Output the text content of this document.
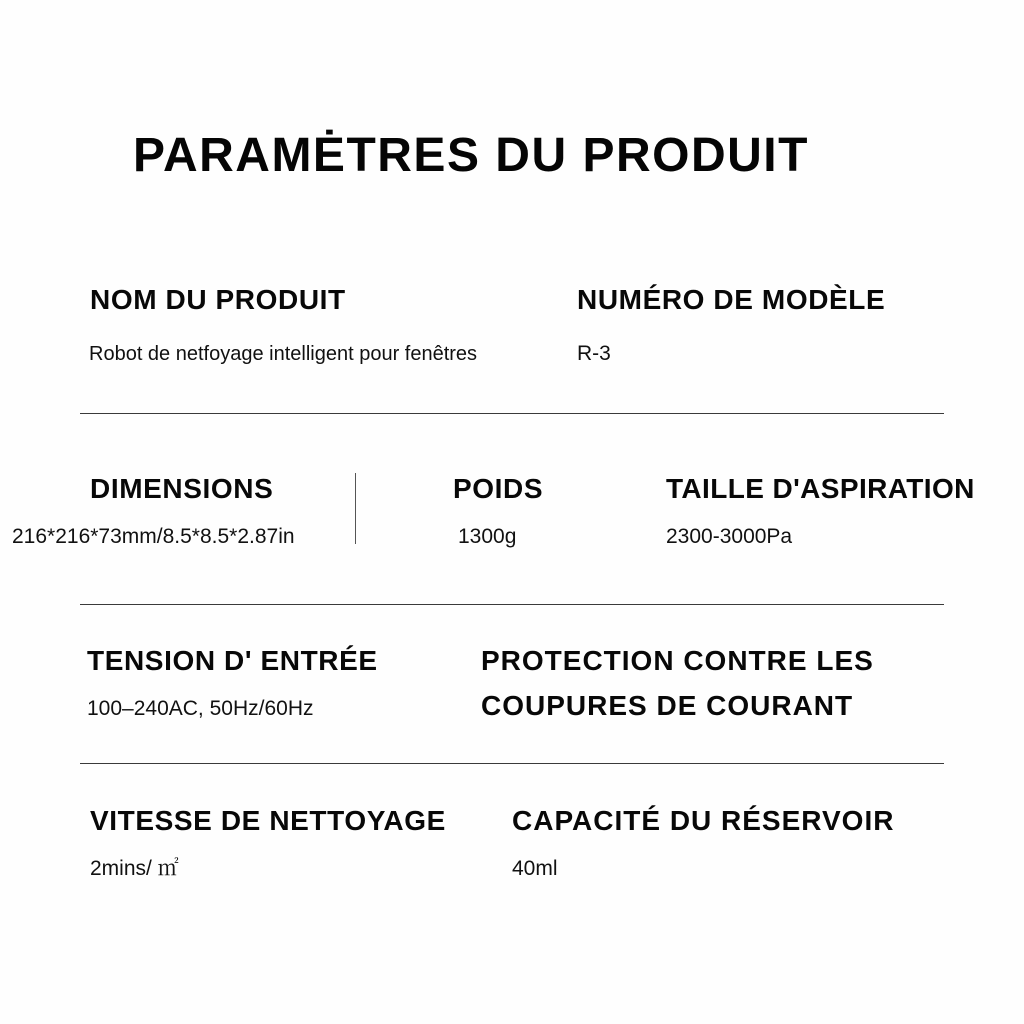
PARAMĖTRES DU PRODUIT
NOM DU PRODUIT
Robot de netfoyage intelligent pour fenêtres
NUMÉRO DE MODÈLE
R-3
DIMENSIONS
216*216*73mm/8.5*8.5*2.87in
POIDS
1300g
TAILLE D'ASPIRATION
2300-3000Pa
TENSION D' ENTRÉE
100–240AC, 50Hz/60Hz
PROTECTION CONTRE LES
COUPURES DE COURANT
VITESSE DE NETTOYAGE
2mins/ ㎡
CAPACITÉ DU RÉSERVOIR
40ml
